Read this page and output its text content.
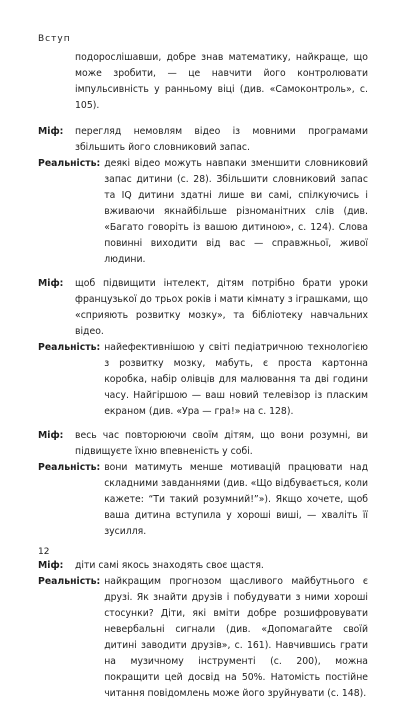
Вступ

подорослішавши, добре знав математику, найкраще, що може зробити, — це навчити його контролювати імпульсивність у ранньому віці (див. «Самоконтроль», с. 105).

Міф:	перегляд немовлям відео із мовними програмами збільшить його словниковий запас.
Реальність: деякі відео можуть навпаки зменшити словниковий запас дитини (с. 28). Збільшити словниковий запас та IQ дитини здатні лише ви самі, спілкуючись і вживаючи якнайбільше різноманітних слів (див. «Багато говоріть із вашою дитиною», с. 124). Слова повинні виходити від вас — справжньої, живої людини.
Міф:	щоб підвищити інтелект, дітям потрібно брати уроки французької до трьох років і мати кімнату з іграшками, що «сприяють розвитку мозку», та бібліотеку навчальних відео.
Реальність: найефективнішою у світі педіатричною технологією з розвитку мозку, мабуть, є проста картонна коробка, набір олівців для малювання та дві години часу. Найгіршою — ваш новий телевізор із пласким екраном (див. «Ура — гра!» на с. 128).
Міф:	весь час повторюючи своїм дітям, що вони розумні, ви підвищуєте їхню впевненість у собі.
Реальність: вони матимуть менше мотивацій працювати над складними завданнями (див. «Що відбувається, коли кажете: “Ти такий розумний!”»). Якщо хочете, щоб ваша дитина вступила у хороші виші, — хваліть її зусилля.
Міф:	діти самі якось знаходять своє щастя.
Реальність: найкращим прогнозом щасливого майбутнього є друзі. Як знайти друзів і побудувати з ними хороші стосунки? Діти, які вміти добре розшифровувати невербальні сигнали (див. «Допомагайте своїй дитині заводити друзів», с. 161). Навчившись грати на музичному інструменті (с. 200), можна покращити цей досвід на 50%. Натомість постійне читання повідомлень може його зруйнувати (с. 148).
12
